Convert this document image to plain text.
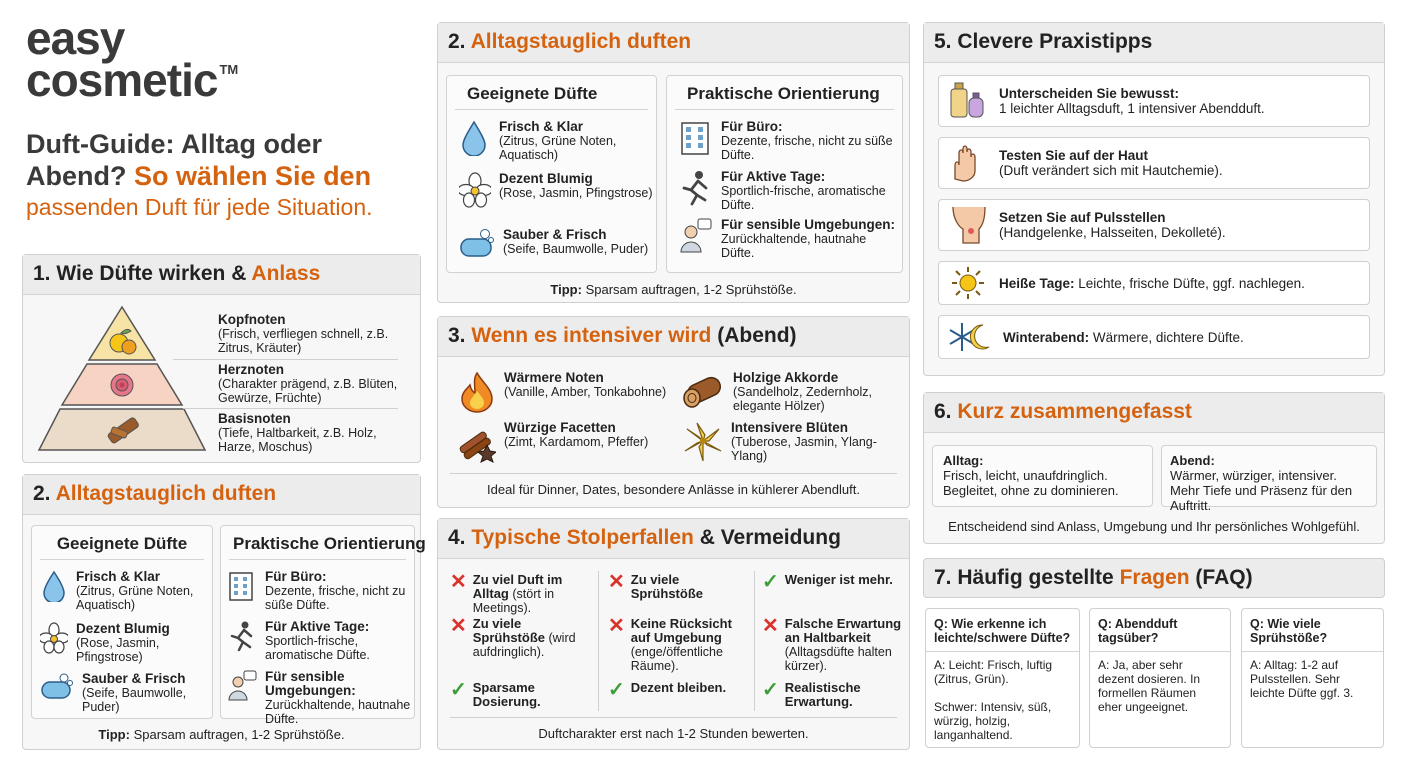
easy
cosmetic TM
Duft-Guide: Alltag oder
Abend? So wählen Sie den
passenden Duft für jede Situation.
1. Wie Düfte wirken & Anlass
Kopfnoten
(Frisch, verfliegen schnell, z.B. Zitrus, Kräuter)
Herznoten
(Charakter prägend, z.B. Blüten, Gewürze, Früchte)
Basisnoten
(Tiefe, Haltbarkeit, z.B. Holz, Harze, Moschus)
2. Alltagstauglich duften
Geeignete Düfte
Frisch & Klar
(Zitrus, Grüne Noten, Aquatisch)
Dezent Blumig
(Rose, Jasmin, Pfingstrose)
Sauber & Frisch
(Seife, Baumwolle, Puder)
Praktische Orientierung
Für Büro:
Dezente, frische, nicht zu süße Düfte.
Für Aktive Tage:
Sportlich-frische, aromatische Düfte.
Für sensible Umgebungen:
Zurückhaltende, hautnahe Düfte.
Tipp: Sparsam auftragen, 1-2 Sprühstöße.
2. Alltagstauglich duften
Geeignete Düfte
Frisch & Klar
(Zitrus, Grüne Noten, Aquatisch)
Dezent Blumig
(Rose, Jasmin, Pfingstrose)
Sauber & Frisch
(Seife, Baumwolle, Puder)
Praktische Orientierung
Für Büro:
Dezente, frische, nicht zu süße Düfte.
Für Aktive Tage:
Sportlich-frische, aromatische Düfte.
Für sensible Umgebungen:
Zurückhaltende, hautnahe Düfte.
Tipp: Sparsam auftragen, 1-2 Sprühstöße.
3. Wenn es intensiver wird (Abend)
Wärmere Noten
(Vanille, Amber, Tonkabohne)
Holzige Akkorde
(Sandelholz, Zedernholz, elegante Hölzer)
Würzige Facetten
(Zimt, Kardamom, Pfeffer)
Intensivere Blüten
(Tuberose, Jasmin, Ylang-Ylang)
Ideal für Dinner, Dates, besondere Anlässe in kühlerer Abendluft.
4. Typische Stolperfallen & Vermeidung
✕ Zu viel Duft im Alltag (stört in Meetings).
✕ Zu viele Sprühstöße (wird aufdringlich).
✓ Sparsame Dosierung.
✕ Zu viele Sprühstöße
✕ Keine Rücksicht auf Umgebung (enge/öffentliche Räume).
✓ Dezent bleiben.
✓ Weniger ist mehr.
✕ Falsche Erwartung an Haltbarkeit (Alltagsdüfte halten kürzer).
✓ Realistische Erwartung.
Duftcharakter erst nach 1-2 Stunden bewerten.
5. Clevere Praxistipps
Unterscheiden Sie bewusst:
1 leichter Alltagsduft, 1 intensiver Abendduft.
Testen Sie auf der Haut
(Duft verändert sich mit Hautchemie).
Setzen Sie auf Pulsstellen
(Handgelenke, Halsseiten, Dekolleté).
Heiße Tage: Leichte, frische Düfte, ggf. nachlegen.
Winterabend: Wärmere, dichtere Düfte.
6. Kurz zusammengefasst
Alltag:
Frisch, leicht, unaufdringlich. Begleitet, ohne zu dominieren.
Abend:
Wärmer, würziger, intensiver. Mehr Tiefe und Präsenz für den Auftritt.
Entscheidend sind Anlass, Umgebung und Ihr persönliches Wohlgefühl.
7. Häufig gestellte Fragen (FAQ)
Q: Wie erkenne ich leichte/schwere Düfte?
A: Leicht: Frisch, luftig (Zitrus, Grün).

Schwer: Intensiv, süß, würzig, holzig, langanhaltend.
Q: Abendduft tagsüber?
A: Ja, aber sehr dezent dosieren. In formellen Räumen eher ungeeignet.
Q: Wie viele Sprühstöße?
A: Alltag: 1-2 auf Pulsstellen. Sehr leichte Düfte ggf. 3.
